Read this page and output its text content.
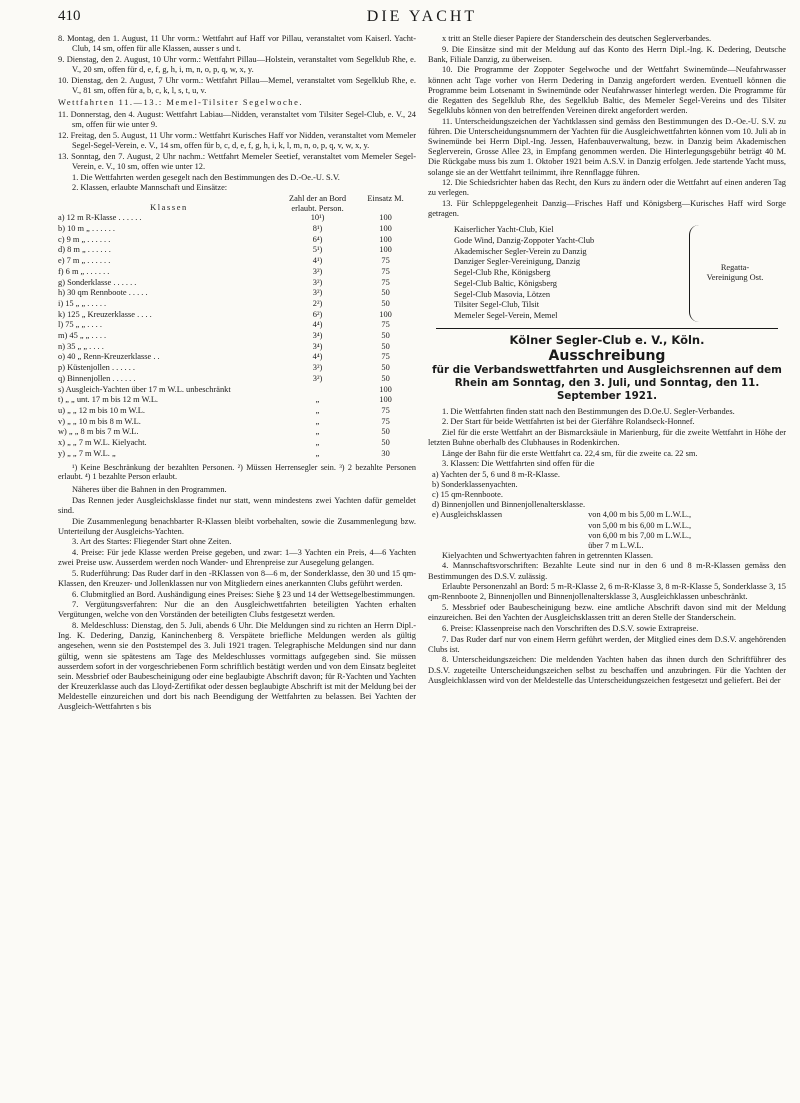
410	DIE YACHT

8. Montag, den 1. August, 11 Uhr vorm.: Wettfahrt auf Haff vor Pillau, veranstaltet vom Kaiserl. Yacht-Club, 14 sm, offen für alle Klassen, ausser s und t.

9. Dienstag, den 2. August, 10 Uhr vorm.: Wettfahrt Pillau—Holstein, veranstaltet vom Segelklub Rhe, e. V., 20 sm, offen für d, e, f, g, h, i, m, n, o, p, q, w, x, y.

10. Dienstag, den 2. August, 7 Uhr vorm.: Wettfahrt Pillau—Memel, veranstaltet vom Segelklub Rhe, e. V., 81 sm, offen für a, b, c, k, l, s, t, u, v.

Wettfahrten 11.—13.: Memel-Tilsiter Segelwoche.

11. Donnerstag, den 4. August: Wettfahrt Labiau—Nidden, veranstaltet vom Tilsiter Segel-Club, e. V., 24 sm, offen für wie unter 9.

12. Freitag, den 5. August, 11 Uhr vorm.: Wettfahrt Kurisches Haff vor Nidden, veranstaltet vom Memeler Segel-Segel-Verein, e. V., 14 sm, offen für b, c, d, e, f, g, h, i, k, l, m, n, o, p, q, v, w, x, y.

13. Sonntag, den 7. August, 2 Uhr nachm.: Wettfahrt Memeler Seetief, veranstaltet vom Memeler Segel-Verein, e. V., 10 sm, offen wie unter 12.

1. Die Wettfahrten werden gesegelt nach den Bestimmungen des D.-Oe.-U. S.V.

2. Klassen, erlaubte Mannschaft und Einsätze:

Klassen	Zahl der an Bord erlaubt. Person.	Einsatz M.
a) 12 m R-Klasse . . . . . .	10¹)	100
b) 10 m „ . . . . . .	8¹)	100
c) 9 m „ . . . . . .	6⁴)	100
d) 8 m „ . . . . . .	5¹)	100
e) 7 m „ . . . . . .	4¹)	75
f) 6 m „ . . . . . .	3²)	75
g) Sonderklasse . . . . . .	3²)	75
h) 30 qm Rennboote . . . . .	3²)	50
i) 15 „ „ . . . . .	2²)	50
k) 125 „ Kreuzerklasse . . . .	6²)	100
l) 75 „ „ . . . .	4⁴)	75
m) 45 „ „ . . . .	3⁴)	50
n) 35 „ „ . . . .	3⁴)	50
o) 40 „ Renn-Kreuzerklasse . .	4⁴)	75
p) Küstenjollen . . . . . .	3²)	50
q) Binnenjollen . . . . . .	3²)	50
s) Ausgleich-Yachten über 17 m W.L. unbeschränkt		100
t) „ „ unt. 17 m bis 12 m W.L.	„	100
u) „ „ 12 m bis 10 m W.L.	„	75
v) „ „ 10 m bis 8 m W.L.	„	75
w) „ „ 8 m bis 7 m W.L.	„	50
x) „ „ 7 m W.L. Kielyacht.	„	50
y) „ „ 7 m W.L. „	„	30

¹) Keine Beschränkung der bezahlten Personen. ²) Müssen Herrensegler sein. ³) 2 bezahlte Personen erlaubt. ⁴) 1 bezahlte Person erlaubt.

Näheres über die Bahnen in den Programmen.

Das Rennen jeder Ausgleichsklasse findet nur statt, wenn mindestens zwei Yachten dafür gemeldet sind.

Die Zusammenlegung benachbarter R-Klassen bleibt vorbehalten, sowie die Zusammenlegung bzw. Unterteilung der Ausgleichs-Yachten.

3. Art des Startes: Fliegender Start ohne Zeiten.

4. Preise: Für jede Klasse werden Preise gegeben, und zwar: 1—3 Yachten ein Preis, 4—6 Yachten zwei Preise usw. Ausserdem werden noch Wander- und Ehrenpreise zur Ausegelung gelangen.

5. Ruderführung: Das Ruder darf in den -RKlassen von 8—6 m, der Sonderklasse, den 30 und 15 qm-Klassen, den Kreuzer- und Jollenklassen nur von Mitgliedern eines anerkannten Clubs geführt werden.

6. Clubmitglied an Bord. Aushändigung eines Preises: Siehe § 23 und 14 der Wettsegelbestimmungen.

7. Vergütungsverfahren: Nur die an den Ausgleichwettfahrten beteiligten Yachten erhalten Vergütungen, welche von den Vorständen der beteiligten Clubs festgesetzt werden.

8. Meldeschluss: Dienstag, den 5. Juli, abends 6 Uhr. Die Meldungen sind zu richten an Herrn Dipl.-Ing. K. Dedering, Danzig, Kaninchenberg 8. Verspätete briefliche Meldungen werden als gültig angesehen, wenn sie den Poststempel des 3. Juli 1921 tragen. Telegraphische Meldungen sind nur dann gültig, wenn sie spätestens am Tage des Meldeschlusses vormittags aufgegeben sind. Sie müssen ausserdem sofort in der vorgeschriebenen Form schriftlich bestätigt werden und von dem Einsatz begleitet sein. Messbrief oder Baubescheinigung oder eine beglaubigte Abschrift davon; für R-Yachten und Yachten der Kreuzerklasse auch das Lloyd-Zertifikat oder dessen beglaubigte Abschrift ist mit der Meldung bei der Meldestelle einzureichen und dort bis nach Beendigung der Wettfahrten zu belassen. Bei Yachten der Ausgleich-Wettfahrten s bis

x tritt an Stelle dieser Papiere der Standerschein des deutschen Seglerverbandes.

9. Die Einsätze sind mit der Meldung auf das Konto des Herrn Dipl.-Ing. K. Dedering, Deutsche Bank, Filiale Danzig, zu überweisen.

10. Die Programme der Zoppoter Segelwoche und der Wettfahrt Swinemünde—Neufahrwasser können acht Tage vorher von Herrn Dedering in Danzig angefordert werden. Eventuell können die Programme beim Lotsenamt in Swinemünde oder Neufahrwasser hinterlegt werden. Die Programme für die Regatten des Segelklub Rhe, des Segelklub Baltic, des Memeler Segel-Vereins und des Tilsiter Segelklubs können von den betreffenden Vereinen direkt angefordert werden.

11. Unterscheidungszeichen der Yachtklassen sind gemäss den Bestimmungen des D.-Oe.-U. S.V. zu führen. Die Unterscheidungsnummern der Yachten für die Ausgleichwettfahrten können vom 10. Juli ab in Swinemünde bei Herrn Dipl.-Ing. Jessen, Hafenbauverwaltung, bezw. in Danzig beim Akademischen Seglerverein, Grosse Allee 23, in Empfang genommen werden. Die Hinterlegungsgebühr beträgt 40 M. Die Rückgabe muss bis zum 1. Oktober 1921 beim A.S.V. in Danzig erfolgen. Jede startende Yacht muss, solange sie an der Wettfahrt teilnimmt, ihre Rennflagge führen.

12. Die Schiedsrichter haben das Recht, den Kurs zu ändern oder die Wettfahrt auf einen anderen Tag zu verlegen.

13. Für Schleppgelegenheit Danzig—Frisches Haff und Königsberg—Kurisches Haff wird Sorge getragen.

Kaiserlicher Yacht-Club, Kiel
Gode Wind, Danzig-Zoppoter Yacht-Club
Akademischer Segler-Verein zu Danzig
Danziger Segler-Vereinigung, Danzig
Segel-Club Rhe, Königsberg
Segel-Club Baltic, Königsberg
Segel-Club Masovia, Lötzen
Tilsiter Segel-Club, Tilsit
Memeler Segel-Verein, Memel
Regatta-Vereinigung Ost.
Kölner Segler-Club e. V., Köln.
Ausschreibung
für die Verbandswettfahrten und Ausgleichsrennen auf dem Rhein am Sonntag, den 3. Juli, und Sonntag, den 11. September 1921.

1. Die Wettfahrten finden statt nach den Bestimmungen des D.Oe.U. Segler-Verbandes.

2. Der Start für beide Wettfahrten ist bei der Gierfähre Rolandseck-Honnef.

Ziel für die erste Wettfahrt an der Bismarcksäule in Marienburg, für die zweite Wettfahrt in Höhe der letzten Buhne oberhalb des Clubhauses in Rodenkirchen.

Länge der Bahn für die erste Wettfahrt ca. 22,4 sm, für die zweite ca. 22 sm.

3. Klassen: Die Wettfahrten sind offen für die

a) Yachten der 5, 6 und 8 m-R-Klasse.	
b) Sonderklassenyachten.	
c) 15 qm-Rennboote.	
d) Binnenjollen und Binnenjollenaltersklasse.	
e) Ausgleichsklassen	von 4,00 m bis 5,00 m L.W.L.,
	von 5,00 m bis 6,00 m L.W.L.,
	von 6,00 m bis 7,00 m L.W.L.,
	über 7 m L.W.L.

Kielyachten und Schwertyachten fahren in getrennten Klassen.

4. Mannschaftsvorschriften: Bezahlte Leute sind nur in den 6 und 8 m-R-Klassen gemäss den Bestimmungen des D.S.V. zulässig.

Erlaubte Personenzahl an Bord: 5 m-R-Klasse 2, 6 m-R-Klasse 3, 8 m-R-Klasse 5, Sonderklasse 3, 15 qm-Rennboote 2, Binnenjollen und Binnenjollenaltersklasse 3, Ausgleichklassen unbeschränkt.

5. Messbrief oder Baubescheinigung bezw. eine amtliche Abschrift davon sind mit der Meldung einzureichen. Bei den Yachten der Ausgleichsklassen tritt an deren Stelle der Standerschein.

6. Preise: Klassenpreise nach den Vorschriften des D.S.V. sowie Extrapreise.

7. Das Ruder darf nur von einem Herrn geführt werden, der Mitglied eines dem D.S.V. angehörenden Clubs ist.

8. Unterscheidungszeichen: Die meldenden Yachten haben das ihnen durch den Schriftführer des D.S.V. zugeteilte Unterscheidungszeichen selbst zu beschaffen und anzubringen. Für die Yachten der Ausgleichklassen wird von der Meldestelle das Unterscheidungszeichen festgesetzt und geliefert. Bei der
